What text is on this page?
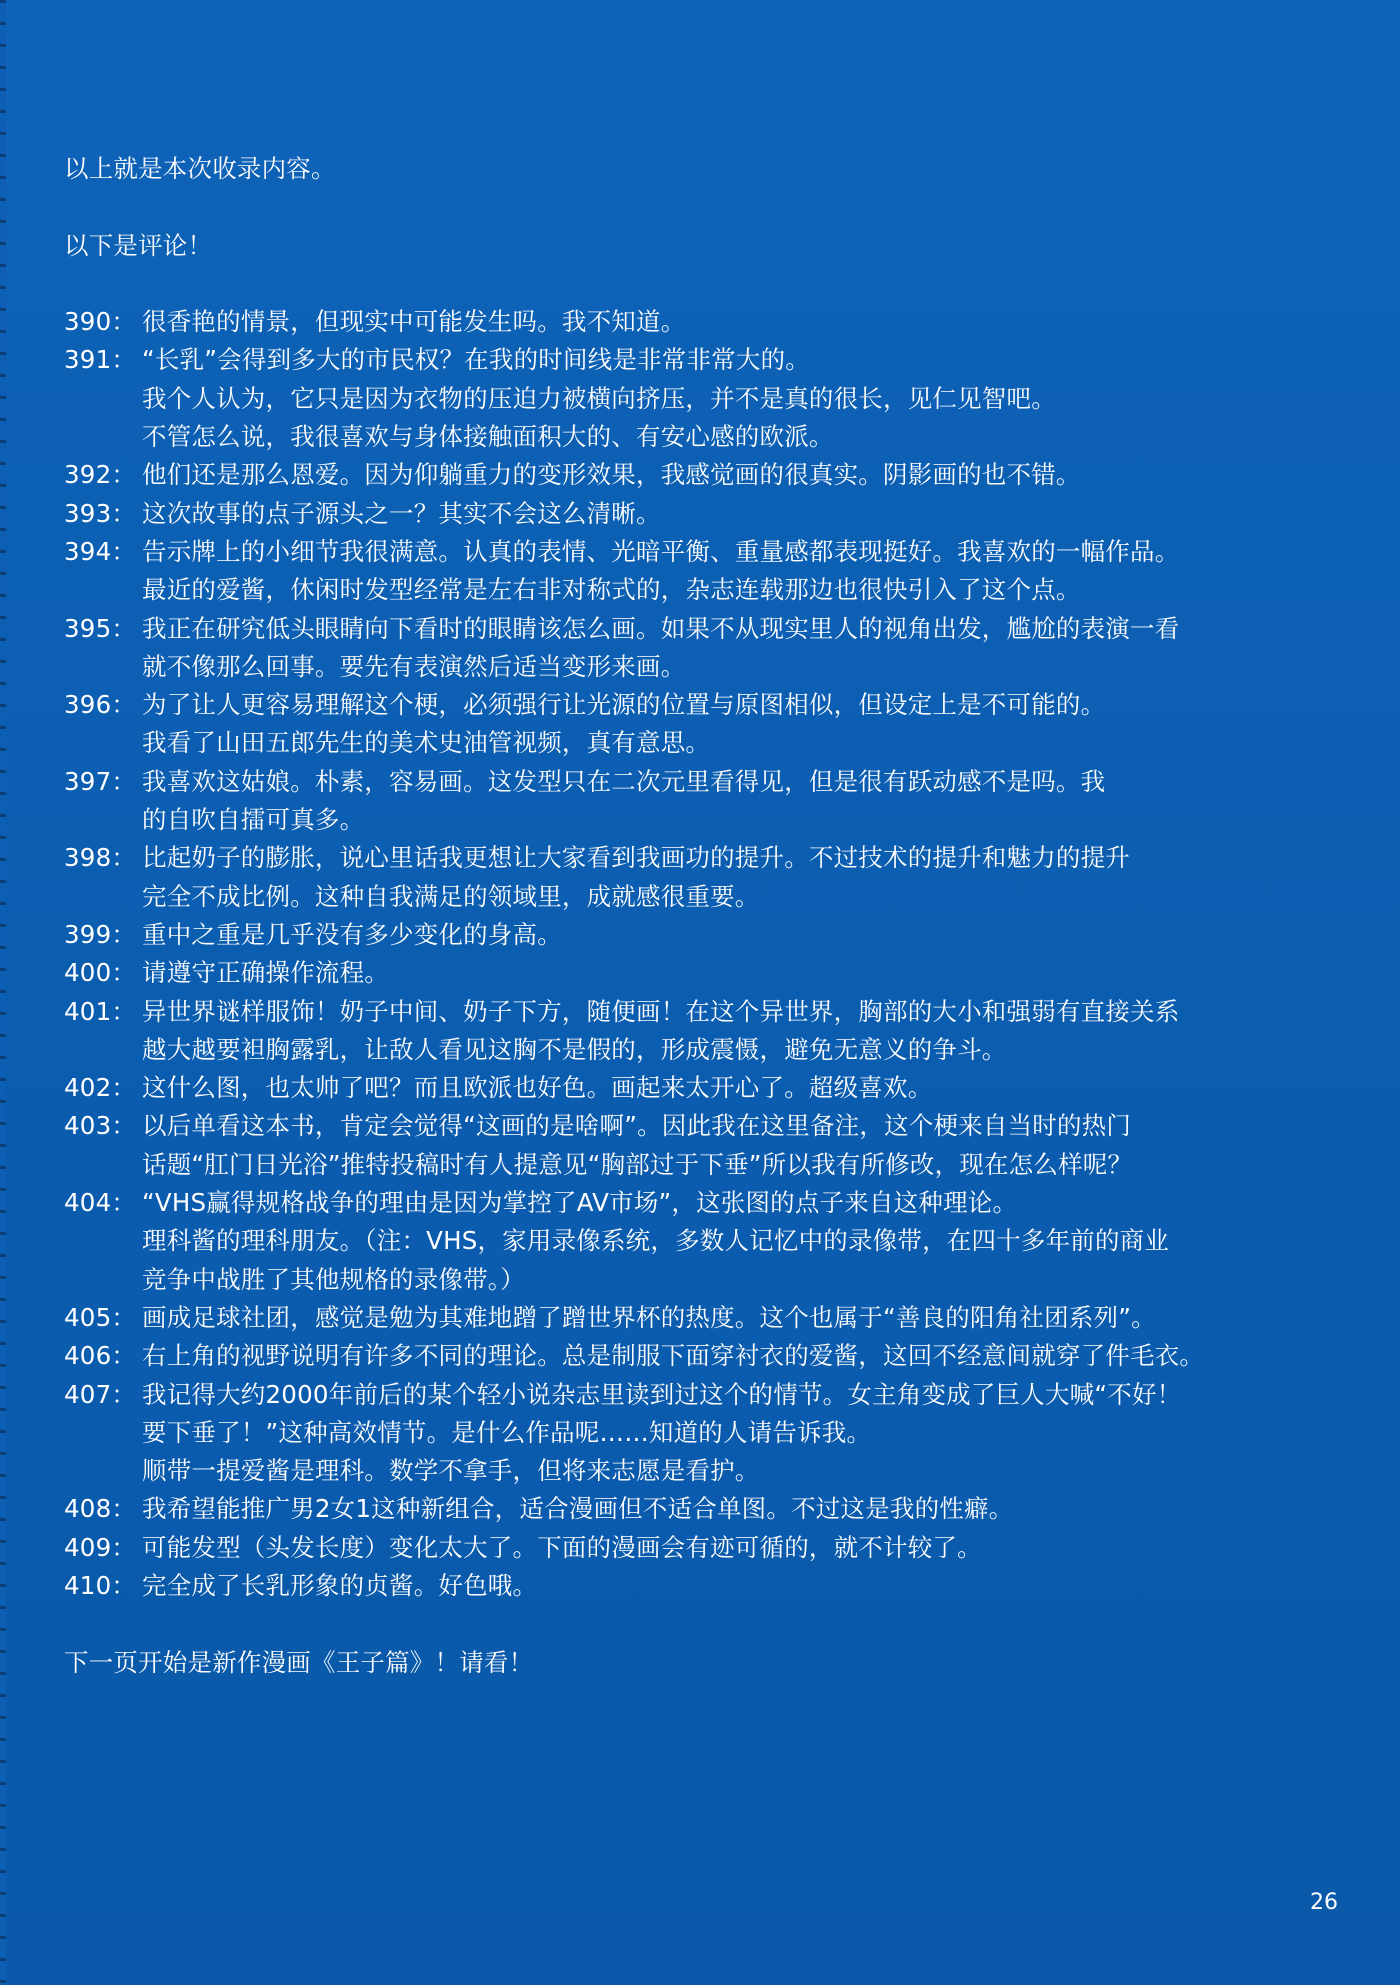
以上就是本次收录内容。
以下是评论！
390： 很香艳的情景，但现实中可能发生吗。我不知道。
391： “长乳”会得到多大的市民权？在我的时间线是非常非常大的。
我个人认为，它只是因为衣物的压迫力被横向挤压，并不是真的很长，见仁见智吧。
不管怎么说，我很喜欢与身体接触面积大的、有安心感的欧派。
392： 他们还是那么恩爱。因为仰躺重力的变形效果，我感觉画的很真实。阴影画的也不错。
393： 这次故事的点子源头之一？其实不会这么清晰。
394： 告示牌上的小细节我很满意。认真的表情、光暗平衡、重量感都表现挺好。我喜欢的一幅作品。
最近的爱酱，休闲时发型经常是左右非对称式的，杂志连载那边也很快引入了这个点。
395： 我正在研究低头眼睛向下看时的眼睛该怎么画。如果不从现实里人的视角出发，尴尬的表演一看
就不像那么回事。要先有表演然后适当变形来画。
396： 为了让人更容易理解这个梗，必须强行让光源的位置与原图相似，但设定上是不可能的。
我看了山田五郎先生的美术史油管视频，真有意思。
397： 我喜欢这姑娘。朴素，容易画。这发型只在二次元里看得见，但是很有跃动感不是吗。我
的自吹自擂可真多。
398： 比起奶子的膨胀，说心里话我更想让大家看到我画功的提升。不过技术的提升和魅力的提升
完全不成比例。这种自我满足的领域里，成就感很重要。
399： 重中之重是几乎没有多少变化的身高。
400： 请遵守正确操作流程。
401： 异世界谜样服饰！奶子中间、奶子下方，随便画！在这个异世界，胸部的大小和强弱有直接关系
越大越要袒胸露乳，让敌人看见这胸不是假的，形成震慑，避免无意义的争斗。
402： 这什么图，也太帅了吧？而且欧派也好色。画起来太开心了。超级喜欢。
403： 以后单看这本书，肯定会觉得“这画的是啥啊”。因此我在这里备注，这个梗来自当时的热门
话题“肛门日光浴”推特投稿时有人提意见“胸部过于下垂”所以我有所修改，现在怎么样呢？
404： “VHS赢得规格战争的理由是因为掌控了AV市场”，这张图的点子来自这种理论。
理科酱的理科朋友。（注：VHS，家用录像系统，多数人记忆中的录像带，在四十多年前的商业
竞争中战胜了其他规格的录像带。）
405： 画成足球社团，感觉是勉为其难地蹭了蹭世界杯的热度。这个也属于“善良的阳角社团系列”。
406： 右上角的视野说明有许多不同的理论。总是制服下面穿衬衣的爱酱，这回不经意间就穿了件毛衣。
407： 我记得大约2000年前后的某个轻小说杂志里读到过这个的情节。女主角变成了巨人大喊“不好！
要下垂了！”这种高效情节。是什么作品呢……知道的人请告诉我。
顺带一提爱酱是理科。数学不拿手，但将来志愿是看护。
408： 我希望能推广男2女1这种新组合，适合漫画但不适合单图。不过这是我的性癖。
409： 可能发型（头发长度）变化太大了。下面的漫画会有迹可循的，就不计较了。
410： 完全成了长乳形象的贞酱。好色哦。
下一页开始是新作漫画《王子篇》！请看！
26
